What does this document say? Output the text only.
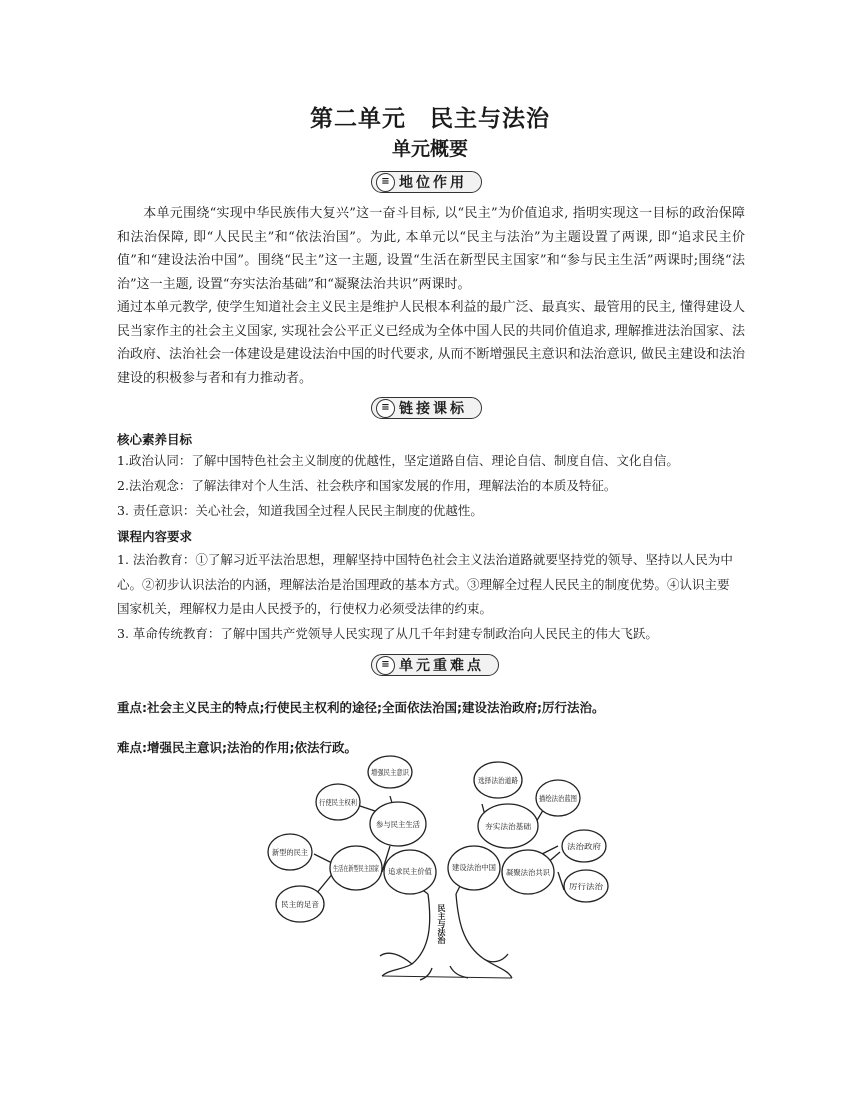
第二单元　民主与法治
单元概要
≡ 地位作用

本单元围绕“实现中华民族伟大复兴”这一奋斗目标, 以“民主”为价值追求, 指明实现这一目标的政治保障和法治保障, 即“人民民主”和“依法治国”。为此, 本单元以“民主与法治”为主题设置了两课, 即“追求民主价值”和“建设法治中国”。围绕“民主”这一主题, 设置“生活在新型民主国家”和“参与民主生活”两课时;围绕“法治”这一主题, 设置“夯实法治基础”和“凝聚法治共识”两课时。

通过本单元教学, 使学生知道社会主义民主是维护人民根本利益的最广泛、最真实、最管用的民主, 懂得建设人民当家作主的社会主义国家, 实现社会公平正义已经成为全体中国人民的共同价值追求, 理解推进法治国家、法治政府、法治社会一体建设是建设法治中国的时代要求, 从而不断增强民主意识和法治意识, 做民主建设和法治建设的积极参与者和有力推动者。

≡ 链接课标

核心素养目标

1.政治认同：了解中国特色社会主义制度的优越性，坚定道路自信、理论自信、制度自信、文化自信。

2.法治观念：了解法律对个人生活、社会秩序和国家发展的作用，理解法治的本质及特征。

3. 责任意识：关心社会，知道我国全过程人民民主制度的优越性。

课程内容要求

1. 法治教育：①了解习近平法治思想，理解坚持中国特色社会主义法治道路就要坚持党的领导、坚持以人民为中心。②初步认识法治的内涵，理解法治是治国理政的基本方式。③理解全过程人民民主的制度优势。④认识主要国家机关，理解权力是由人民授予的，行使权力必须受法律的约束。

3. 革命传统教育：了解中国共产党领导人民实现了从几千年封建专制政治向人民民主的伟大飞跃。

≡ 单元重难点

重点:社会主义民主的特点;行使民主权利的途径;全面依法治国;建设法治政府;厉行法治。

难点:增强民主意识;法治的作用;依法行政。

民主与法治
追求民主价值	建设法治中国
生活在新型民主国家
参与民主生活	夯实法治基础
凝聚法治共识
新型的民主
民主的足音
行使民主权利
增强民主意识
选择法治道路
描绘法治蓝图
法治政府
厉行法治
